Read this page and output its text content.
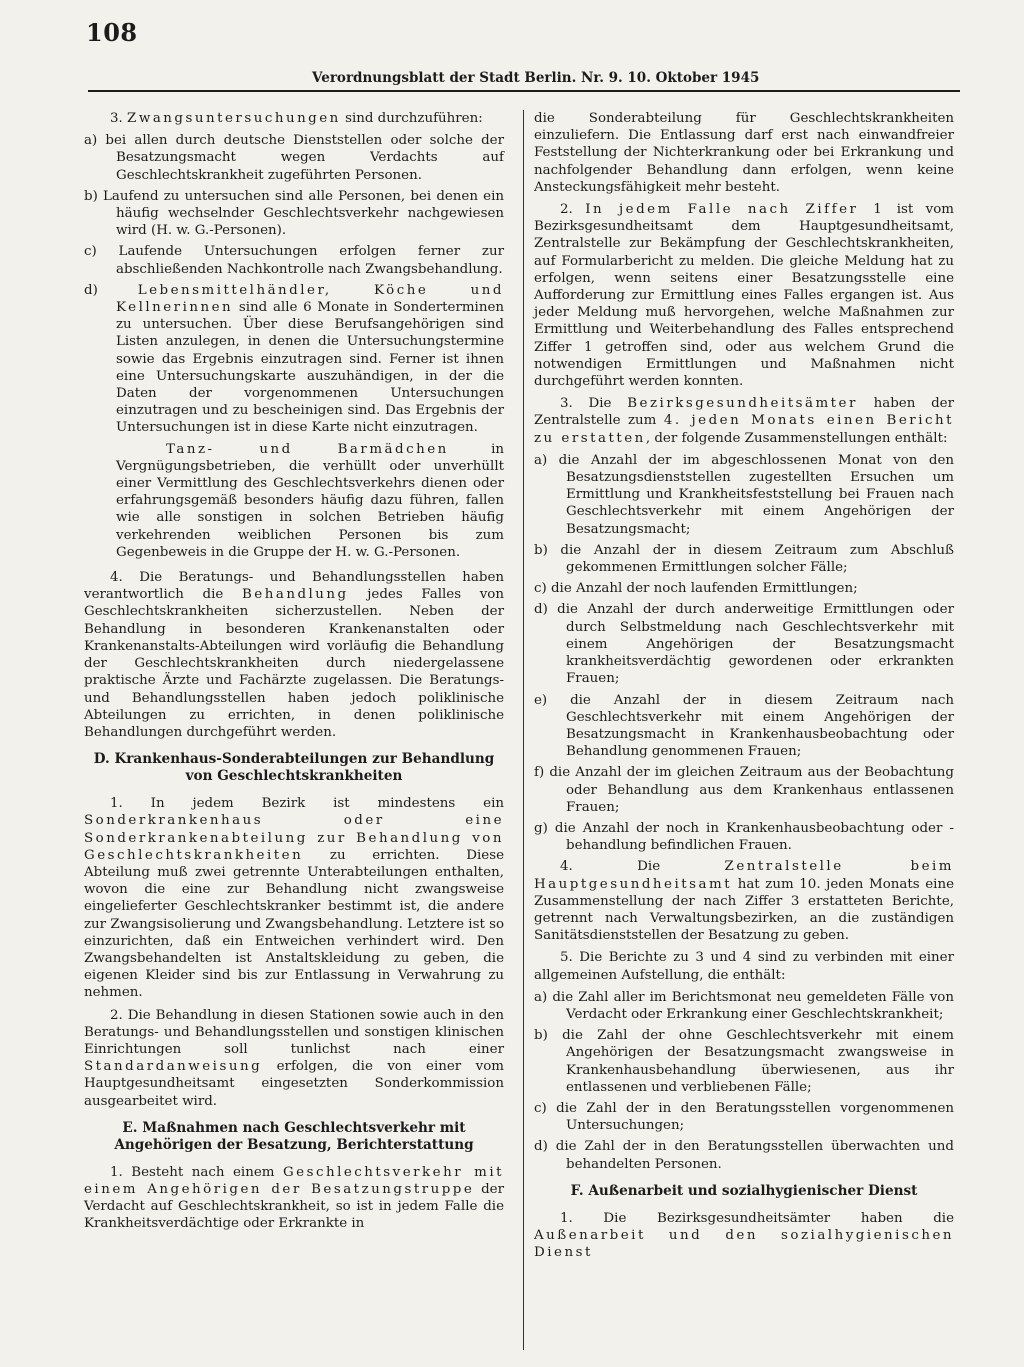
108
Verordnungsblatt der Stadt Berlin. Nr. 9. 10. Oktober 1945

3. Zwangsuntersuchungen sind durchzuführen:

a) bei allen durch deutsche Dienststellen oder solche der Besatzungsmacht wegen Verdachts auf Geschlechtskrankheit zugeführten Personen.

b) Laufend zu untersuchen sind alle Personen, bei denen ein häufig wechselnder Geschlechtsverkehr nachgewiesen wird (H. w. G.-Personen).

c) Laufende Untersuchungen erfolgen ferner zur abschließenden Nachkontrolle nach Zwangsbehandlung.

d) Lebensmittelhändler, Köche und Kellnerinnen sind alle 6 Monate in Sonderterminen zu untersuchen. Über diese Berufsangehörigen sind Listen anzulegen, in denen die Untersuchungstermine sowie das Ergebnis einzutragen sind. Ferner ist ihnen eine Untersuchungskarte auszuhändigen, in der die Daten der vorgenommenen Untersuchungen einzutragen und zu bescheinigen sind. Das Ergebnis der Untersuchungen ist in diese Karte nicht einzutragen.

Tanz- und Barmädchen in Vergnügungsbetrieben, die verhüllt oder unverhüllt einer Vermittlung des Geschlechtsverkehrs dienen oder erfahrungsgemäß besonders häufig dazu führen, fallen wie alle sonstigen in solchen Betrieben häufig verkehrenden weiblichen Personen bis zum Gegenbeweis in die Gruppe der H. w. G.-Personen.

4. Die Beratungs- und Behandlungsstellen haben verantwortlich die Behandlung jedes Falles von Geschlechtskrankheiten sicherzustellen. Neben der Behandlung in besonderen Krankenanstalten oder Krankenanstalts-Abteilungen wird vorläufig die Behandlung der Geschlechtskrankheiten durch niedergelassene praktische Ärzte und Fachärzte zugelassen. Die Beratungs- und Behandlungsstellen haben jedoch poliklinische Abteilungen zu errichten, in denen poliklinische Behandlungen durchgeführt werden.

D. Krankenhaus-Sonderabteilungen zur Behandlung von Geschlechtskrankheiten

1. In jedem Bezirk ist mindestens ein Sonderkrankenhaus oder eine Sonderkrankenabteilung zur Behandlung von Geschlechtskrankheiten zu errichten. Diese Abteilung muß zwei getrennte Unterabteilungen enthalten, wovon die eine zur Behandlung nicht zwangsweise eingelieferter Geschlechtskranker bestimmt ist, die andere zur Zwangsisolierung und Zwangsbehandlung. Letztere ist so einzurichten, daß ein Entweichen verhindert wird. Den Zwangsbehandelten ist Anstaltskleidung zu geben, die eigenen Kleider sind bis zur Entlassung in Verwahrung zu nehmen.

2. Die Behandlung in diesen Stationen sowie auch in den Beratungs- und Behandlungsstellen und sonstigen klinischen Einrichtungen soll tunlichst nach einer Standardanweisung erfolgen, die von einer vom Hauptgesundheitsamt eingesetzten Sonderkommission ausgearbeitet wird.

E. Maßnahmen nach Geschlechtsverkehr mit Angehörigen der Besatzung, Berichterstattung

1. Besteht nach einem Geschlechtsverkehr mit einem Angehörigen der Besatzungstruppe der Verdacht auf Geschlechtskrankheit, so ist in jedem Falle die Krankheitsverdächtige oder Erkrankte in

die Sonderabteilung für Geschlechtskrankheiten einzuliefern. Die Entlassung darf erst nach einwandfreier Feststellung der Nichterkrankung oder bei Erkrankung und nachfolgender Behandlung dann erfolgen, wenn keine Ansteckungsfähigkeit mehr besteht.

2. In jedem Falle nach Ziffer 1 ist vom Bezirksgesundheitsamt dem Hauptgesundheitsamt, Zentralstelle zur Bekämpfung der Geschlechtskrankheiten, auf Formularbericht zu melden. Die gleiche Meldung hat zu erfolgen, wenn seitens einer Besatzungsstelle eine Aufforderung zur Ermittlung eines Falles ergangen ist. Aus jeder Meldung muß hervorgehen, welche Maßnahmen zur Ermittlung und Weiterbehandlung des Falles entsprechend Ziffer 1 getroffen sind, oder aus welchem Grund die notwendigen Ermittlungen und Maßnahmen nicht durchgeführt werden konnten.

3. Die Bezirksgesundheitsämter haben der Zentralstelle zum 4. jeden Monats einen Bericht zu erstatten, der folgende Zusammenstellungen enthält:

a) die Anzahl der im abgeschlossenen Monat von den Besatzungsdienststellen zugestellten Ersuchen um Ermittlung und Krankheitsfeststellung bei Frauen nach Geschlechtsverkehr mit einem Angehörigen der Besatzungsmacht;

b) die Anzahl der in diesem Zeitraum zum Abschluß gekommenen Ermittlungen solcher Fälle;

c) die Anzahl der noch laufenden Ermittlungen;

d) die Anzahl der durch anderweitige Ermittlungen oder durch Selbstmeldung nach Geschlechtsverkehr mit einem Angehörigen der Besatzungsmacht krankheitsverdächtig gewordenen oder erkrankten Frauen;

e) die Anzahl der in diesem Zeitraum nach Geschlechtsverkehr mit einem Angehörigen der Besatzungsmacht in Krankenhausbeobachtung oder Behandlung genommenen Frauen;

f) die Anzahl der im gleichen Zeitraum aus der Beobachtung oder Behandlung aus dem Krankenhaus entlassenen Frauen;

g) die Anzahl der noch in Krankenhausbeobachtung oder -behandlung befindlichen Frauen.

4. Die Zentralstelle beim Hauptgesundheitsamt hat zum 10. jeden Monats eine Zusammenstellung der nach Ziffer 3 erstatteten Berichte, getrennt nach Verwaltungsbezirken, an die zuständigen Sanitätsdienststellen der Besatzung zu geben.

5. Die Berichte zu 3 und 4 sind zu verbinden mit einer allgemeinen Aufstellung, die enthält:

a) die Zahl aller im Berichtsmonat neu gemeldeten Fälle von Verdacht oder Erkrankung einer Geschlechtskrankheit;

b) die Zahl der ohne Geschlechtsverkehr mit einem Angehörigen der Besatzungsmacht zwangsweise in Krankenhausbehandlung überwiesenen, aus ihr entlassenen und verbliebenen Fälle;

c) die Zahl der in den Beratungsstellen vorgenommenen Untersuchungen;

d) die Zahl der in den Beratungsstellen überwachten und behandelten Personen.

F. Außenarbeit und sozialhygienischer Dienst

1. Die Bezirksgesundheitsämter haben die Außenarbeit und den sozialhygienischen Dienst
